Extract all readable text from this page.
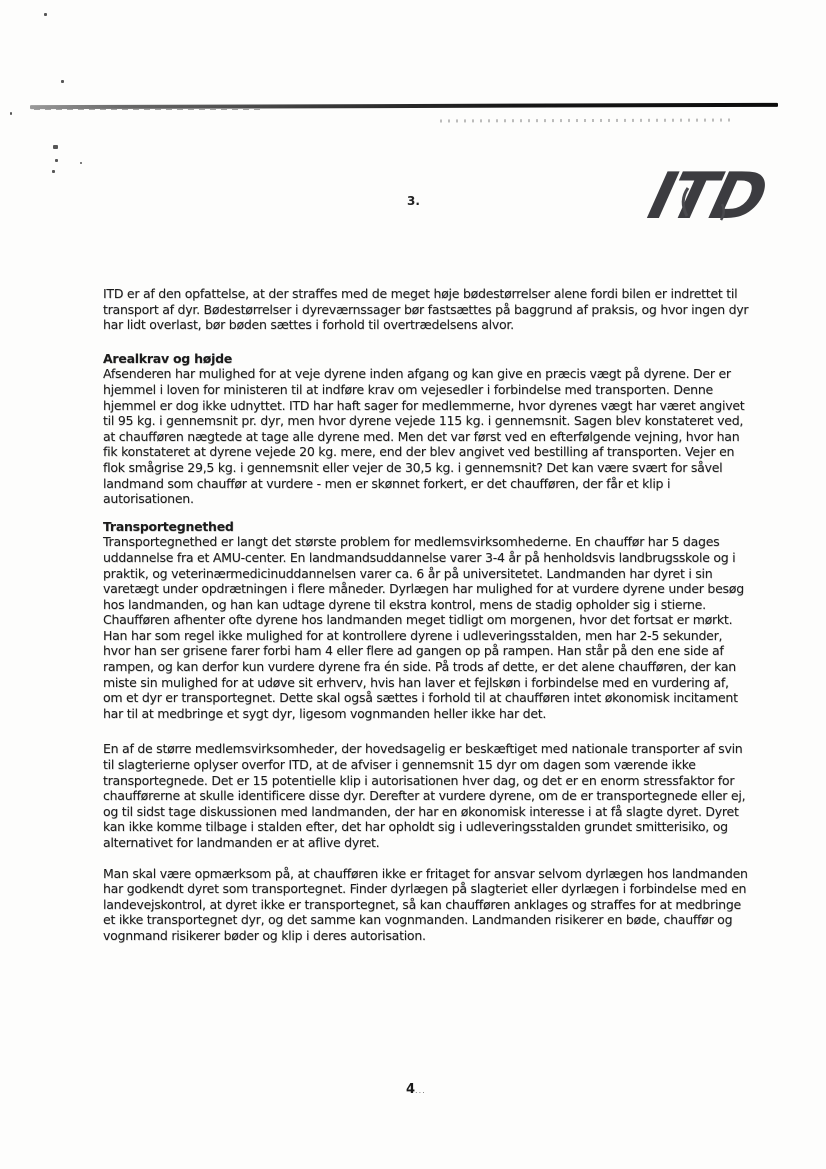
3.	ITD

ITD er af den opfattelse, at der straffes med de meget høje bødestørrelser alene fordi bilen er indrettet til transport af dyr. Bødestørrelser i dyreværnssager bør fastsættes på baggrund af praksis, og hvor ingen dyr har lidt overlast, bør bøden sættes i forhold til overtrædelsens alvor.

Arealkrav og højde

Afsenderen har mulighed for at veje dyrene inden afgang og kan give en præcis vægt på dyrene. Der er hjemmel i loven for ministeren til at indføre krav om vejesedler i forbindelse med transporten. Denne hjemmel er dog ikke udnyttet. ITD har haft sager for medlemmerne, hvor dyrenes vægt har været angivet til 95 kg. i gennemsnit pr. dyr, men hvor dyrene vejede 115 kg. i gennemsnit. Sagen blev konstateret ved, at chaufføren nægtede at tage alle dyrene med. Men det var først ved en efterfølgende vejning, hvor han fik konstateret at dyrene vejede 20 kg. mere, end der blev angivet ved bestilling af transporten. Vejer en flok smågrise 29,5 kg. i gennemsnit eller vejer de 30,5 kg. i gennemsnit? Det kan være svært for såvel landmand som chauffør at vurdere - men er skønnet forkert, er det chaufføren, der får et klip i autorisationen.

Transportegnethed

Transportegnethed er langt det største problem for medlemsvirksomhederne. En chauffør har 5 dages uddannelse fra et AMU-center. En landmandsuddannelse varer 3-4 år på henholdsvis landbrugsskole og i praktik, og veterinærmedicinuddannelsen varer ca. 6 år på universitetet. Landmanden har dyret i sin varetægt under opdrætningen i flere måneder. Dyrlægen har mulighed for at vurdere dyrene under besøg hos landmanden, og han kan udtage dyrene til ekstra kontrol, mens de stadig opholder sig i stierne.

Chaufføren afhenter ofte dyrene hos landmanden meget tidligt om morgenen, hvor det fortsat er mørkt. Han har som regel ikke mulighed for at kontrollere dyrene i udleveringsstalden, men har 2-5 sekunder, hvor han ser grisene farer forbi ham 4 eller flere ad gangen op på rampen. Han står på den ene side af rampen, og kan derfor kun vurdere dyrene fra én side. På trods af dette, er det alene chaufføren, der kan miste sin mulighed for at udøve sit erhverv, hvis han laver et fejlskøn i forbindelse med en vurdering af, om et dyr er transportegnet. Dette skal også sættes i forhold til at chaufføren intet økonomisk incitament har til at medbringe et sygt dyr, ligesom vognmanden heller ikke har det.

En af de større medlemsvirksomheder, der hovedsagelig er beskæftiget med nationale transporter af svin til slagterierne oplyser overfor ITD, at de afviser i gennemsnit 15 dyr om dagen som værende ikke transportegnede. Det er 15 potentielle klip i autorisationen hver dag, og det er en enorm stressfaktor for chaufførerne at skulle identificere disse dyr. Derefter at vurdere dyrene, om de er transportegnede eller ej, og til sidst tage diskussionen med landmanden, der har en økonomisk interesse i at få slagte dyret. Dyret kan ikke komme tilbage i stalden efter, det har opholdt sig i udleveringsstalden grundet smitterisiko, og alternativet for landmanden er at aflive dyret.

Man skal være opmærksom på, at chaufføren ikke er fritaget for ansvar selvom dyrlægen hos landmanden har godkendt dyret som transportegnet. Finder dyrlægen på slagteriet eller dyrlægen i forbindelse med en landevejskontrol, at dyret ikke er transportegnet, så kan chaufføren anklages og straffes for at medbringe et ikke transportegnet dyr, og det samme kan vognmanden. Landmanden risikerer en bøde, chauffør og vognmand risikerer bøder og klip i deres autorisation.

4...
